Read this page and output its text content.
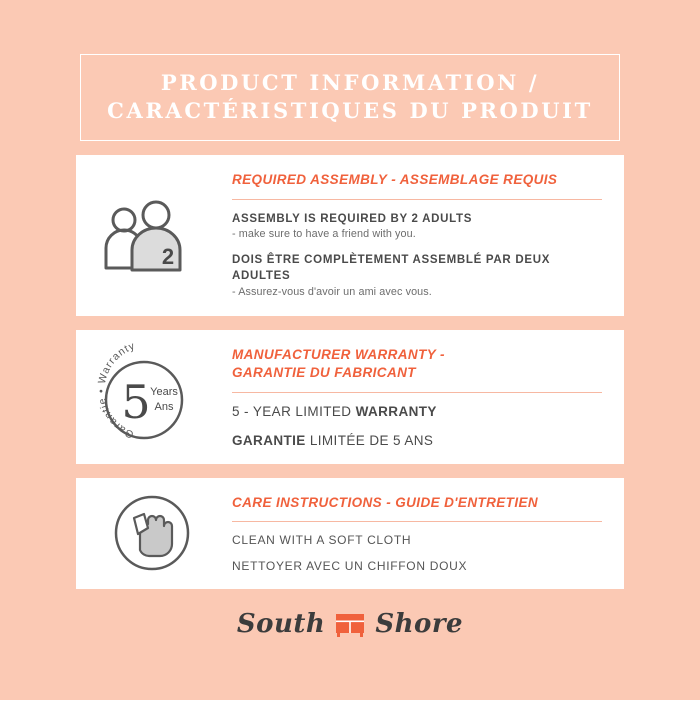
PRODUCT INFORMATION /
CARACTÉRISTIQUES DU PRODUIT
2
REQUIRED ASSEMBLY - ASSEMBLAGE REQUIS
ASSEMBLY IS REQUIRED BY 2 ADULTS
- make sure to have a friend with you.
DOIS ÊTRE COMPLÈTEMENT ASSEMBLÉ PAR DEUX ADULTES
- Assurez-vous d'avoir un ami avec vous.
5 Years
Ans
Garantie • Warranty
MANUFACTURER WARRANTY -
GARANTIE DU FABRICANT
5 - YEAR LIMITED WARRANTY
GARANTIE LIMITÉE DE 5 ANS
CARE INSTRUCTIONS - GUIDE D'ENTRETIEN
CLEAN WITH A SOFT CLOTH
NETTOYER AVEC UN CHIFFON DOUX
South Shore
